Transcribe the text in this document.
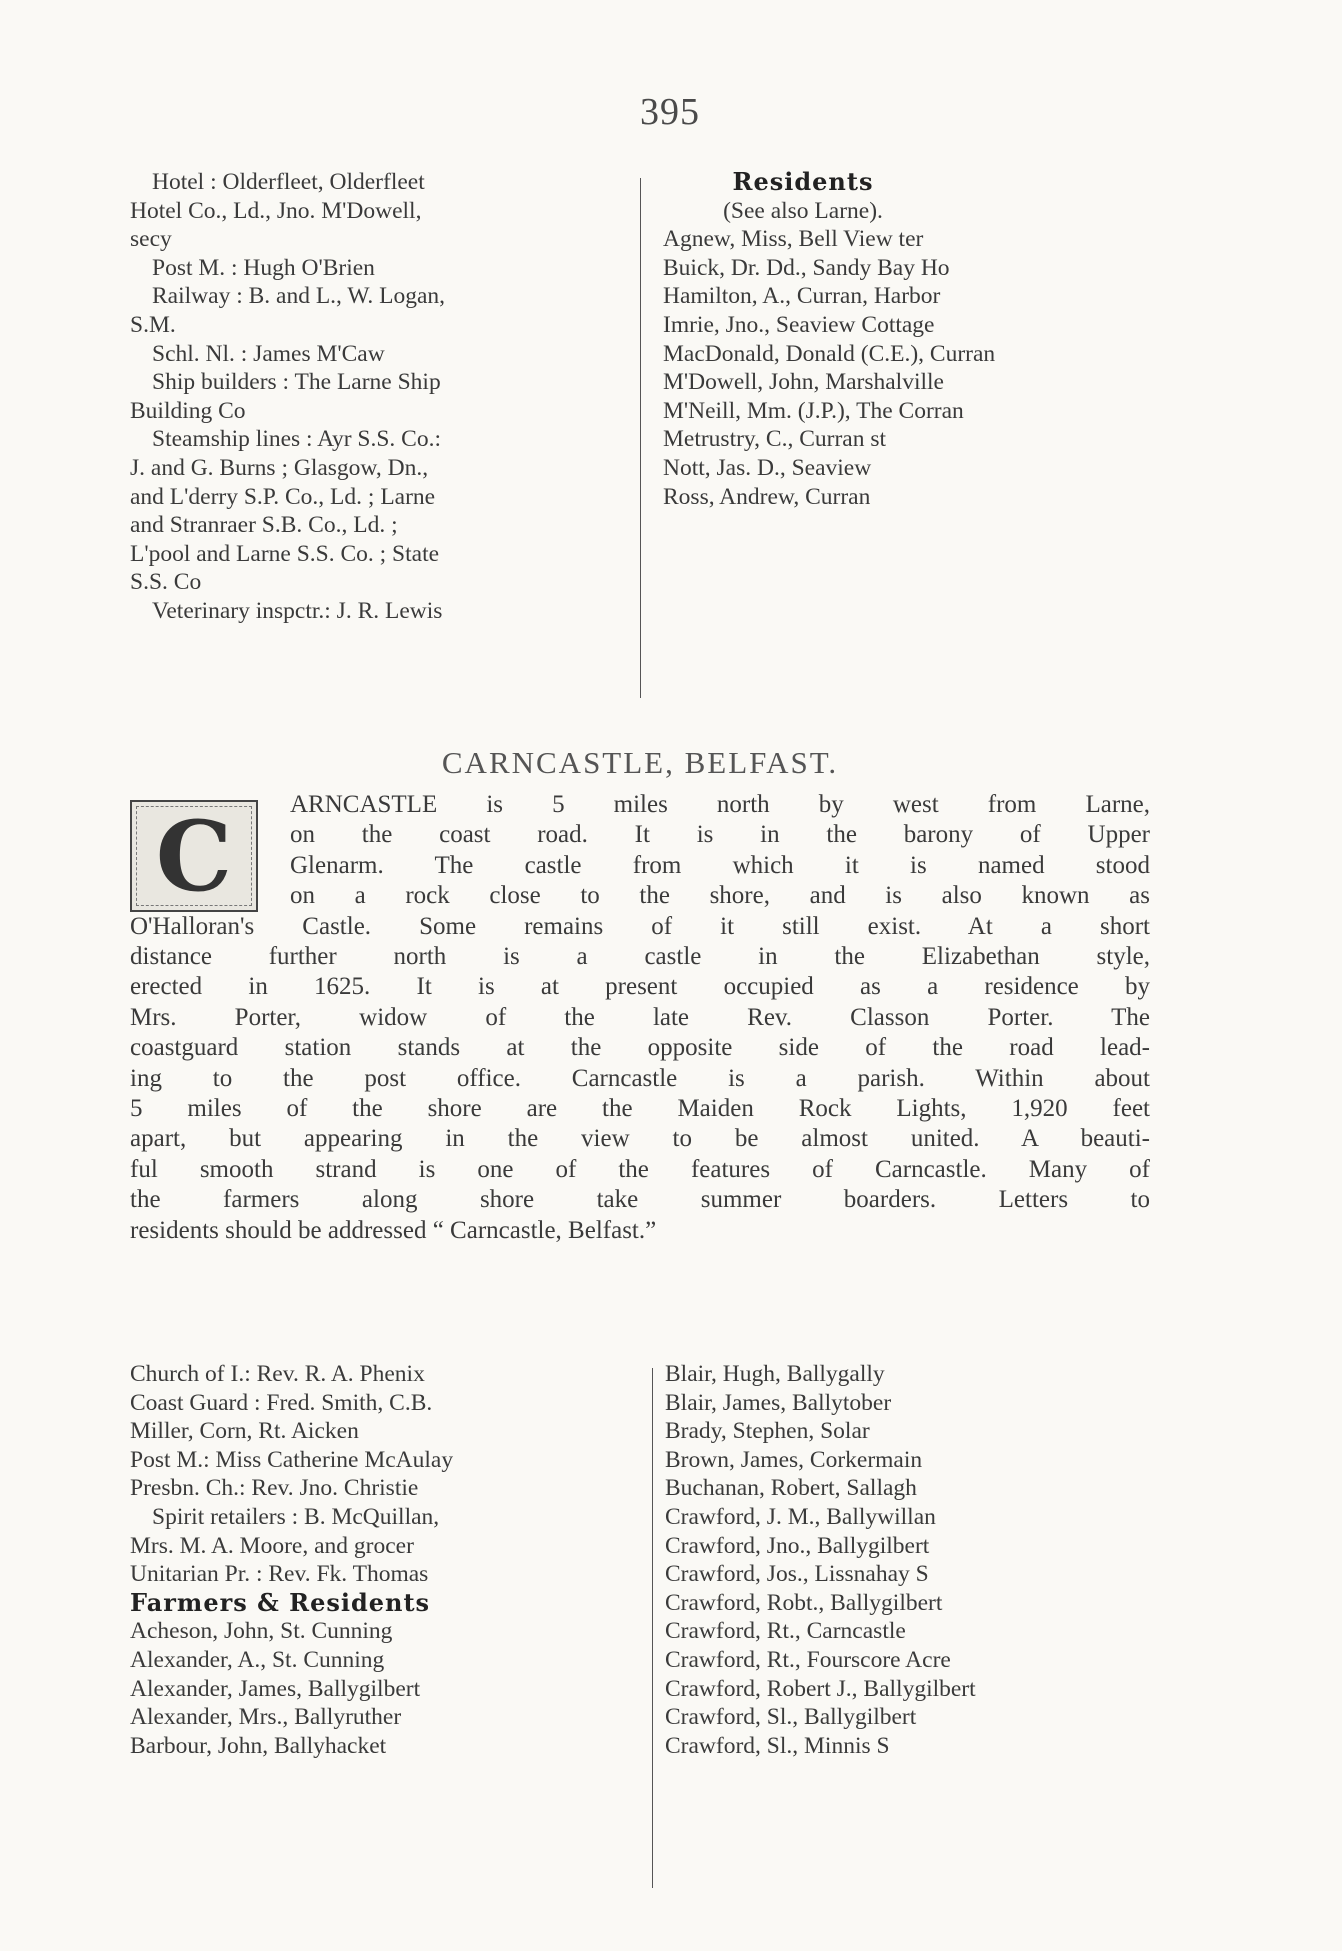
395
Hotel : Olderfleet, Olderfleet
Hotel Co., Ld., Jno. M'Dowell,
secy
Post M. : Hugh O'Brien
Railway : B. and L., W. Logan,
S.M.
Schl. Nl. : James M'Caw
Ship builders : The Larne Ship
Building Co
Steamship lines : Ayr S.S. Co.:
J. and G. Burns ; Glasgow, Dn.,
and L'derry S.P. Co., Ld. ; Larne
and Stranraer S.B. Co., Ld. ;
L'pool and Larne S.S. Co. ; State
S.S. Co
Veterinary inspctr.: J. R. Lewis
Residents
(See also Larne).
Agnew, Miss, Bell View ter
Buick, Dr. Dd., Sandy Bay Ho
Hamilton, A., Curran, Harbor
Imrie, Jno., Seaview Cottage
MacDonald, Donald (C.E.), Curran
M'Dowell, John, Marshalville
M'Neill, Mm. (J.P.), The Corran
Metrustry, C., Curran st
Nott, Jas. D., Seaview
Ross, Andrew, Curran
CARNCASTLE, BELFAST.
C	ARNCASTLE is 5 miles north by west from Larne,
on the coast road. It is in the barony of Upper
Glenarm. The castle from which it is named stood
on a rock close to the shore, and is also known as
O'Halloran's Castle. Some remains of it still exist. At a short
distance further north is a castle in the Elizabethan style,
erected in 1625. It is at present occupied as a residence by
Mrs. Porter, widow of the late Rev. Classon Porter. The
coastguard station stands at the opposite side of the road lead-
ing to the post office. Carncastle is a parish. Within about
5 miles of the shore are the Maiden Rock Lights, 1,920 feet
apart, but appearing in the view to be almost united. A beauti-
ful smooth strand is one of the features of Carncastle. Many of
the farmers along shore take summer boarders. Letters to
residents should be addressed “ Carncastle, Belfast.”
Church of I.: Rev. R. A. Phenix
Coast Guard : Fred. Smith, C.B.
Miller, Corn, Rt. Aicken
Post M.: Miss Catherine McAulay
Presbn. Ch.: Rev. Jno. Christie
Spirit retailers : B. McQuillan,
Mrs. M. A. Moore, and grocer
Unitarian Pr. : Rev. Fk. Thomas
Farmers & Residents
Acheson, John, St. Cunning
Alexander, A., St. Cunning
Alexander, James, Ballygilbert
Alexander, Mrs., Ballyruther
Barbour, John, Ballyhacket
Blair, Hugh, Ballygally
Blair, James, Ballytober
Brady, Stephen, Solar
Brown, James, Corkermain
Buchanan, Robert, Sallagh
Crawford, J. M., Ballywillan
Crawford, Jno., Ballygilbert
Crawford, Jos., Lissnahay S
Crawford, Robt., Ballygilbert
Crawford, Rt., Carncastle
Crawford, Rt., Fourscore Acre
Crawford, Robert J., Ballygilbert
Crawford, Sl., Ballygilbert
Crawford, Sl., Minnis S
